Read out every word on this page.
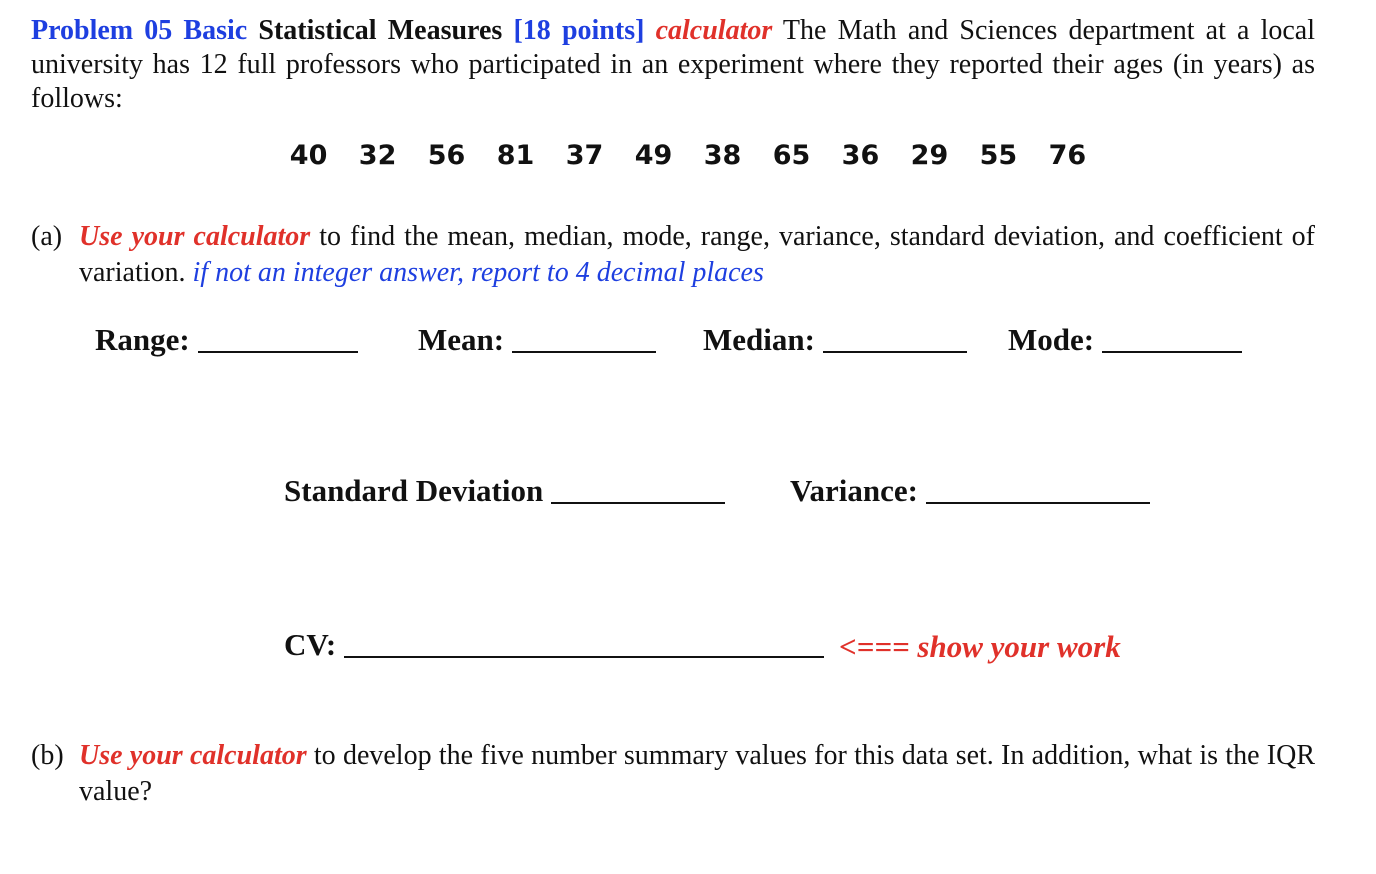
Problem 05 Basic Statistical Measures [18 points] calculator The Math and Sciences department at a local university has 12 full professors who participated in an experiment where they reported their ages (in years) as follows:
40 32 56 81 37 49 38 65 36 29 55 76
(a) Use your calculator to find the mean, median, mode, range, variance, standard deviation, and coefficient of variation. if not an integer answer, report to 4 decimal places
Range:	Mean:	Median:	Mode:
Standard Deviation	Variance:
CV:	<=== show your work
(b) Use your calculator to develop the five number summary values for this data set. In addition, what is the IQR value?
